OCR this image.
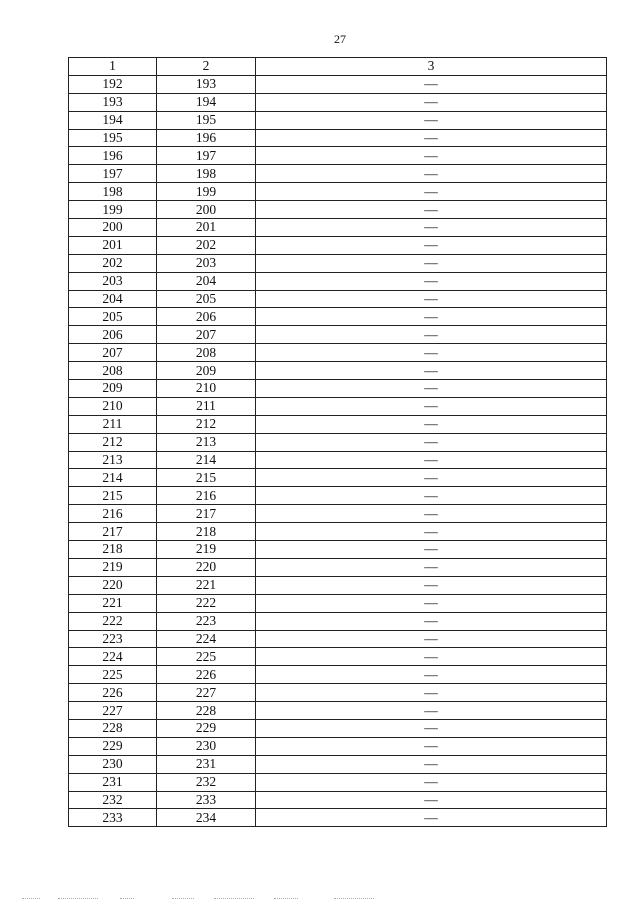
27
1	2	3
192	193	—
193	194	—
194	195	—
195	196	—
196	197	—
197	198	—
198	199	—
199	200	—
200	201	—
201	202	—
202	203	—
203	204	—
204	205	—
205	206	—
206	207	—
207	208	—
208	209	—
209	210	—
210	211	—
211	212	—
212	213	—
213	214	—
214	215	—
215	216	—
216	217	—
217	218	—
218	219	—
219	220	—
220	221	—
221	222	—
222	223	—
223	224	—
224	225	—
225	226	—
226	227	—
227	228	—
228	229	—
229	230	—
230	231	—
231	232	—
232	233	—
233	234	—
